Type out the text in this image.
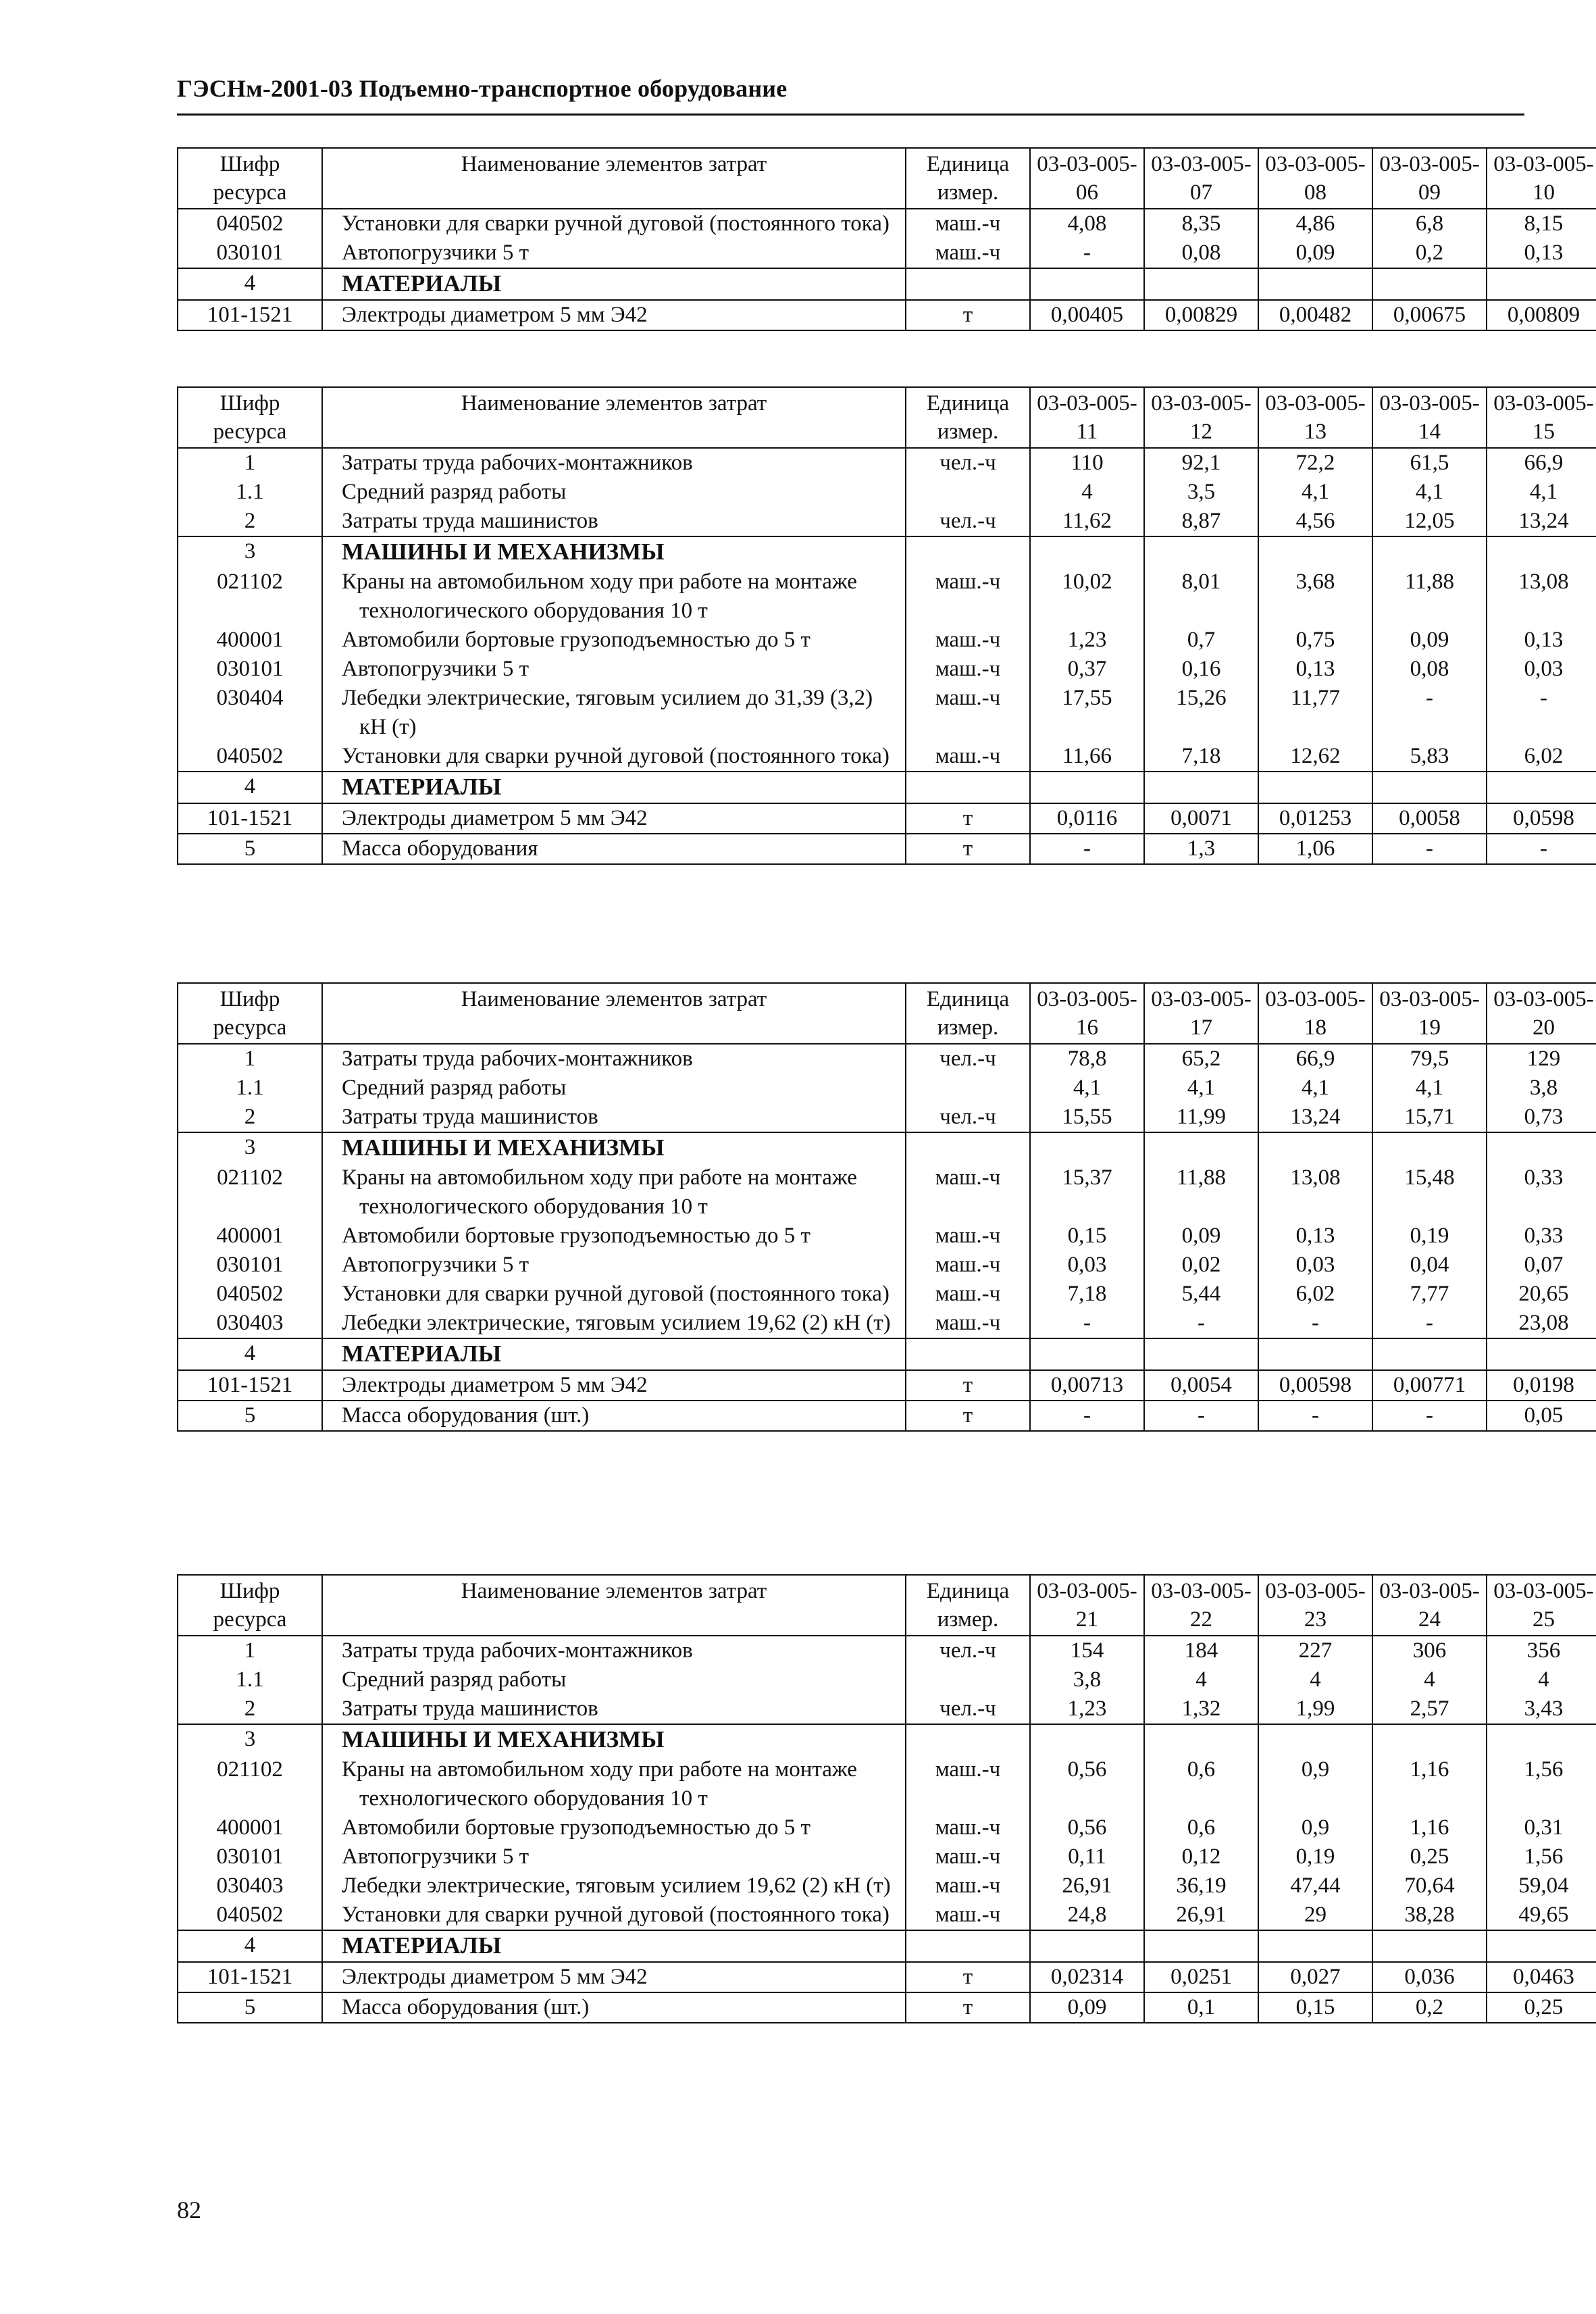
ГЭСНм-2001-03 Подъемно-транспортное оборудование
Шифр ресурса	Наименование элементов затрат	Единица измер.	03-03-005-06	03-03-005-07	03-03-005-08	03-03-005-09	03-03-005-10
040502	Установки для сварки ручной дуговой (постоянного тока)	маш.-ч	4,08	8,35	4,86	6,8	8,15
030101	Автопогрузчики 5 т	маш.-ч	-	0,08	0,09	0,2	0,13
4	МАТЕРИАЛЫ						
101-1521	Электроды диаметром 5 мм Э42	т	0,00405	0,00829	0,00482	0,00675	0,00809
Шифр ресурса	Наименование элементов затрат	Единица измер.	03-03-005-11	03-03-005-12	03-03-005-13	03-03-005-14	03-03-005-15
1	Затраты труда рабочих-монтажников	чел.-ч	110	92,1	72,2	61,5	66,9
1.1	Средний разряд работы		4	3,5	4,1	4,1	4,1
2	Затраты труда машинистов	чел.-ч	11,62	8,87	4,56	12,05	13,24
3	МАШИНЫ И МЕХАНИЗМЫ						
021102	Краны на автомобильном ходу при работе на монтаже технологического оборудования 10 т	маш.-ч	10,02	8,01	3,68	11,88	13,08
400001	Автомобили бортовые грузоподъемностью до 5 т	маш.-ч	1,23	0,7	0,75	0,09	0,13
030101	Автопогрузчики 5 т	маш.-ч	0,37	0,16	0,13	0,08	0,03
030404	Лебедки электрические, тяговым усилием до 31,39 (3,2) кН (т)	маш.-ч	17,55	15,26	11,77	-	-
040502	Установки для сварки ручной дуговой (постоянного тока)	маш.-ч	11,66	7,18	12,62	5,83	6,02
4	МАТЕРИАЛЫ						
101-1521	Электроды диаметром 5 мм Э42	т	0,0116	0,0071	0,01253	0,0058	0,0598
5	Масса оборудования	т	-	1,3	1,06	-	-
Шифр ресурса	Наименование элементов затрат	Единица измер.	03-03-005-16	03-03-005-17	03-03-005-18	03-03-005-19	03-03-005-20
1	Затраты труда рабочих-монтажников	чел.-ч	78,8	65,2	66,9	79,5	129
1.1	Средний разряд работы		4,1	4,1	4,1	4,1	3,8
2	Затраты труда машинистов	чел.-ч	15,55	11,99	13,24	15,71	0,73
3	МАШИНЫ И МЕХАНИЗМЫ						
021102	Краны на автомобильном ходу при работе на монтаже технологического оборудования 10 т	маш.-ч	15,37	11,88	13,08	15,48	0,33
400001	Автомобили бортовые грузоподъемностью до 5 т	маш.-ч	0,15	0,09	0,13	0,19	0,33
030101	Автопогрузчики 5 т	маш.-ч	0,03	0,02	0,03	0,04	0,07
040502	Установки для сварки ручной дуговой (постоянного тока)	маш.-ч	7,18	5,44	6,02	7,77	20,65
030403	Лебедки электрические, тяговым усилием 19,62 (2) кН (т)	маш.-ч	-	-	-	-	23,08
4	МАТЕРИАЛЫ						
101-1521	Электроды диаметром 5 мм Э42	т	0,00713	0,0054	0,00598	0,00771	0,0198
5	Масса оборудования (шт.)	т	-	-	-	-	0,05
Шифр ресурса	Наименование элементов затрат	Единица измер.	03-03-005-21	03-03-005-22	03-03-005-23	03-03-005-24	03-03-005-25
1	Затраты труда рабочих-монтажников	чел.-ч	154	184	227	306	356
1.1	Средний разряд работы		3,8	4	4	4	4
2	Затраты труда машинистов	чел.-ч	1,23	1,32	1,99	2,57	3,43
3	МАШИНЫ И МЕХАНИЗМЫ						
021102	Краны на автомобильном ходу при работе на монтаже технологического оборудования 10 т	маш.-ч	0,56	0,6	0,9	1,16	1,56
400001	Автомобили бортовые грузоподъемностью до 5 т	маш.-ч	0,56	0,6	0,9	1,16	0,31
030101	Автопогрузчики 5 т	маш.-ч	0,11	0,12	0,19	0,25	1,56
030403	Лебедки электрические, тяговым усилием 19,62 (2) кН (т)	маш.-ч	26,91	36,19	47,44	70,64	59,04
040502	Установки для сварки ручной дуговой (постоянного тока)	маш.-ч	24,8	26,91	29	38,28	49,65
4	МАТЕРИАЛЫ						
101-1521	Электроды диаметром 5 мм Э42	т	0,02314	0,0251	0,027	0,036	0,0463
5	Масса оборудования (шт.)	т	0,09	0,1	0,15	0,2	0,25
82
